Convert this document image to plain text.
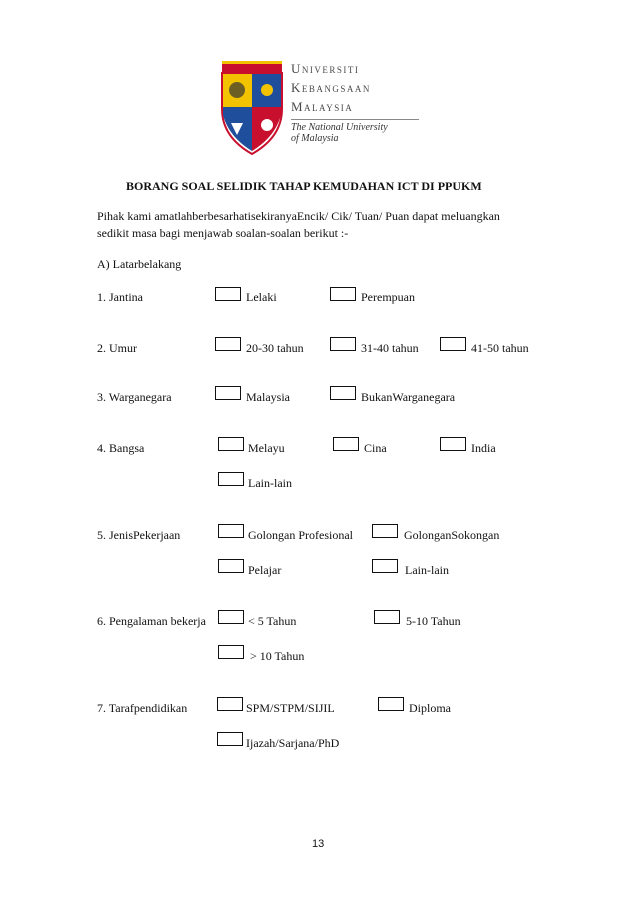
Universiti
Kebangsaan
Malaysia
The National University
of Malaysia
BORANG SOAL SELIDIK TAHAP KEMUDAHAN ICT DI PPUKM
Pihak kami amatlahberbesarhatisekiranyaEncik/ Cik/ Tuan/ Puan dapat meluangkan
sedikit masa bagi menjawab soalan-soalan berikut :-
A) Latarbelakang
1. Jantina	Lelaki	Perempuan
2. Umur	20-30 tahun	31-40 tahun	41-50 tahun
3. Warganegara	Malaysia	BukanWarganegara
4. Bangsa	Melayu	Cina	India
Lain-lain
5. JenisPekerjaan	Golongan Profesional	GolonganSokongan
Pelajar	Lain-lain
6. Pengalaman bekerja	< 5 Tahun	5-10 Tahun
> 10 Tahun
7. Tarafpendidikan	SPM/STPM/SIJIL	Diploma
Ijazah/Sarjana/PhD
13
